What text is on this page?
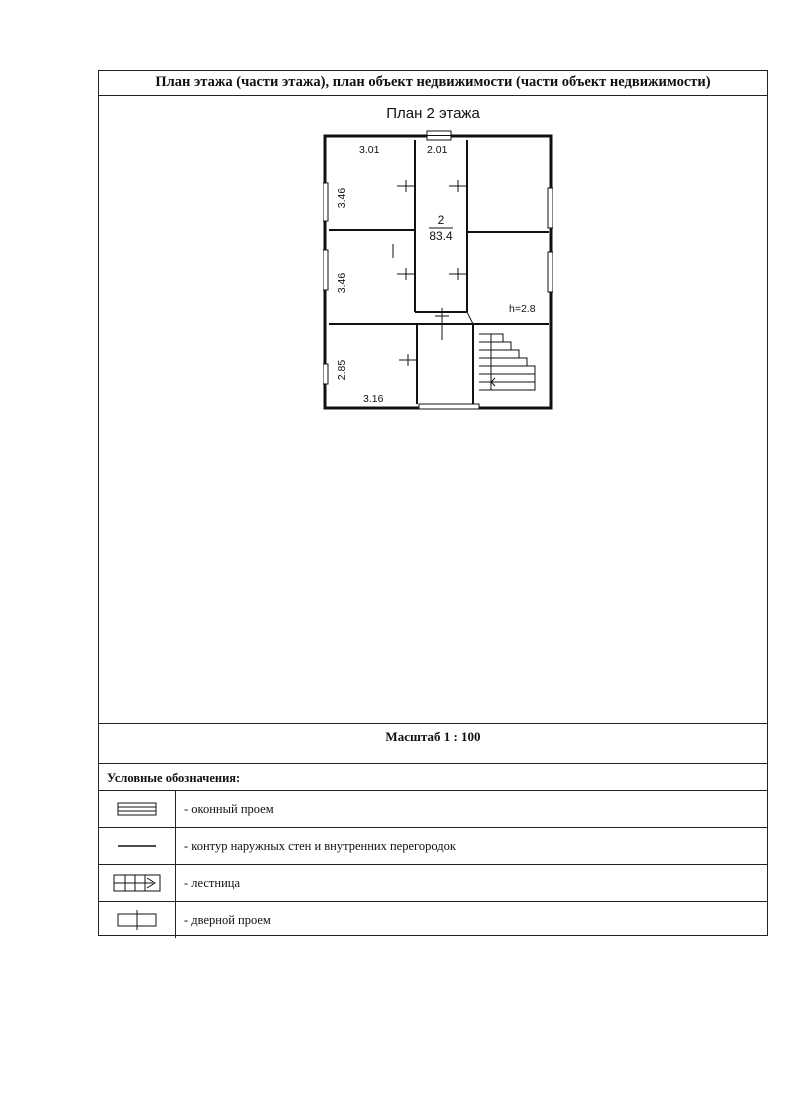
План этажа (части этажа), план объект недвижимости (части объект недвижимости)
План 2 этажа
3.01	2.01
3.46
3.46
2.85
3.16
2
83.4
h=2.8
Масштаб 1 : 100
Условные обозначения:
	- оконный проем

	- контур наружных стен и внутренних перегородок

	- лестница

	- дверной проем
